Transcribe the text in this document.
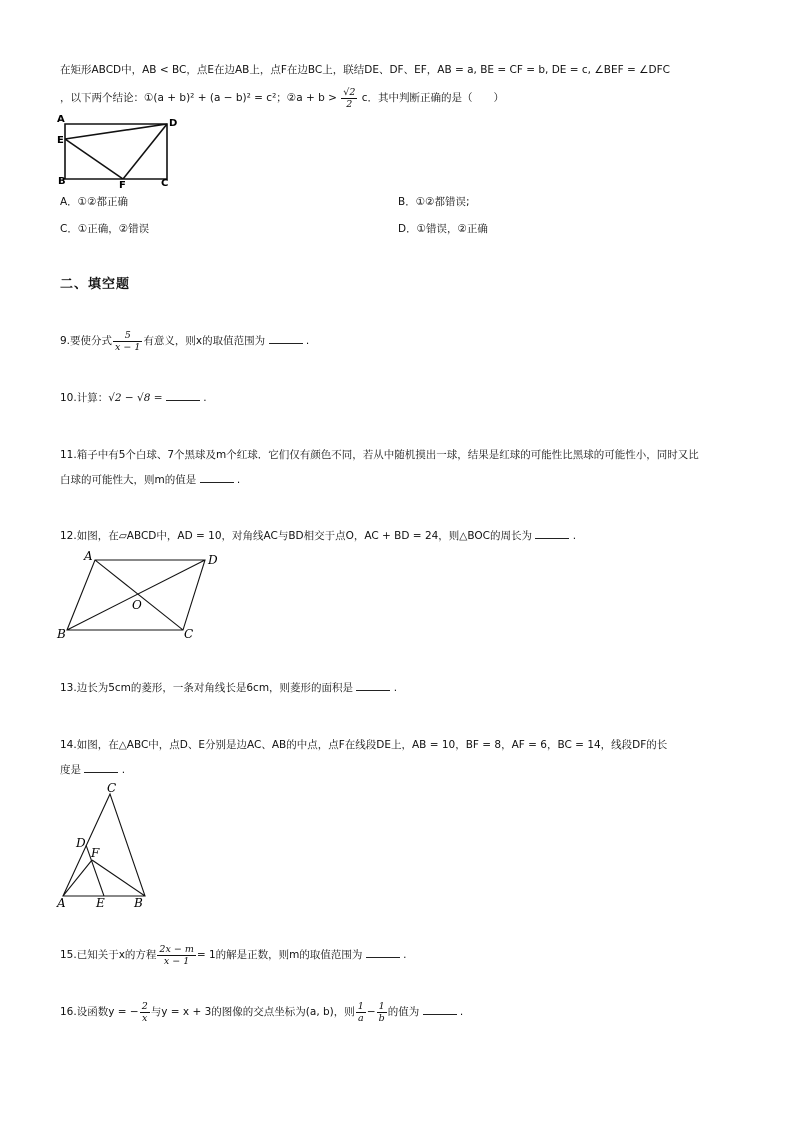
在矩形ABCD中，AB < BC，点E在边AB上，点F在边BC上，联结DE、DF、EF，AB = a, BE = CF = b, DE = c, ∠BEF = ∠DFC
，以下两个结论：①(a + b)² + (a − b)² = c²；②a + $b > \frac{√2}{2}$ c．其中判断正确的是（　　）
A	D
E
B	F	C
A．①②都正确	B．①②都错误;
C．①正确，②错误	D．①错误，②正确
二、填空题
9.要使分式 $\frac{5}{x - 1}$ 有意义，则x的取值范围为	.
10.计算：√2 − √8 =	.
11.箱子中有5个白球、7个黑球及m个红球．它们仅有颜色不同，若从中随机摸出一球，结果是红球的可能性比黑球的可能性小，同时又比
白球的可能性大，则m的值是	.
12.如图，在▱ABCD中，AD = 10，对角线AC与BD相交于点O，AC + BD = 24，则△BOC的周长为	.
A	D
O
B	C
13.边长为5cm的菱形，一条对角线长是6cm，则菱形的面积是	.
14.如图，在△ABC中，点D、E分别是边AC、AB的中点，点F在线段DE上，AB = 10，BF = 8，AF = 6，BC = 14，线段DF的长
度是	.
C
D
F
A	E B
15.已知关于x的方程 $\frac{2x - m}{x - 1} = 1$的解是正数，则m的取值范围为	.
16.设函数y = − $\frac{2}{x}$ 与y = x + 3的图像的交点坐标为(a, b)，则 $\frac{1}{a} - \frac{1}{b}$ 的值为	.
